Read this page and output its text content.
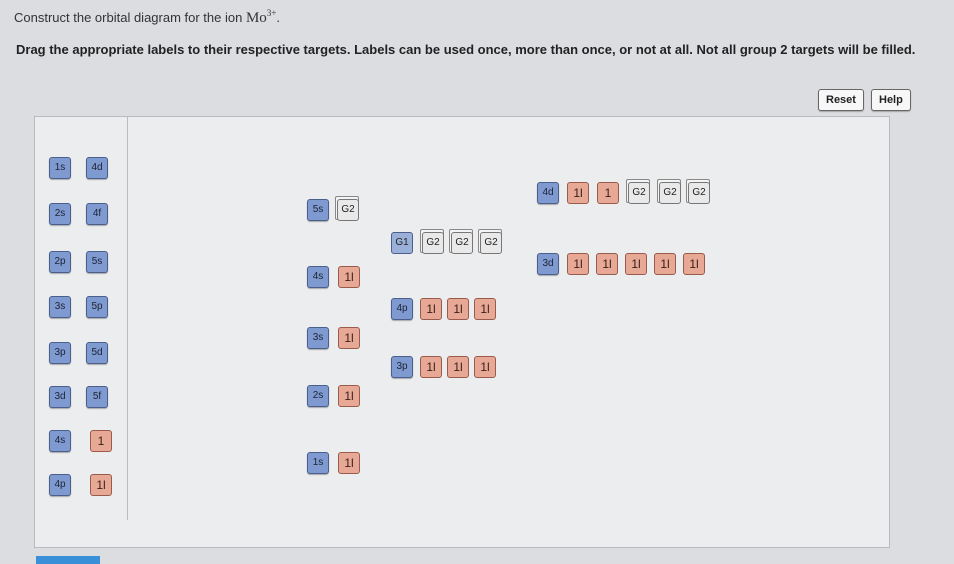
Construct the orbital diagram for the ion $Mo^{3+}$.
Drag the appropriate labels to their respective targets. Labels can be used once, more than once, or not at all. Not all group 2 targets will be filled.
Reset	Help
1s
2s
2p
3s
3p
3d
4s
4p
4d
4f
5s
5p
5d
5f
1
1l
1s	1l
2s	1l
3s	1l
3p	1l	1l	1l
4s	1l
3d	1l	1l	1l	1l	1l
4p	1l	1l	1l
5s	G2
G1	G2	G2	G2
4d	1l	1	G2	G2	G2
